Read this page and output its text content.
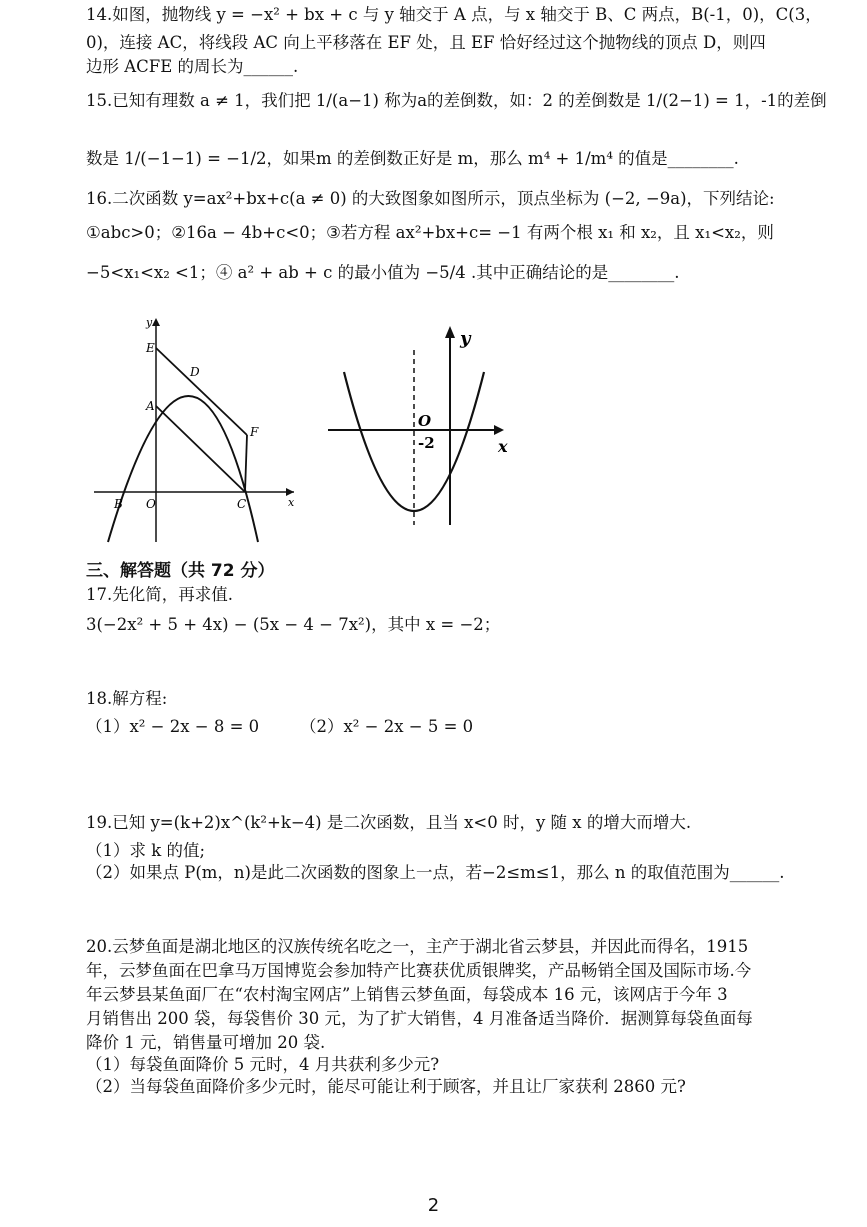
14.如图，抛物线 y = −x² + bx + c 与 y 轴交于 A 点，与 x 轴交于 B、C 两点，B(-1，0)，C(3，
0)，连接 AC，将线段 AC 向上平移落在 EF 处，且 EF 恰好经过这个抛物线的顶点 D，则四
边形 ACFE 的周长为______.
15.已知有理数 a ≠ 1，我们把 1/(a−1) 称为a的差倒数，如：2 的差倒数是 1/(2−1) = 1，-1的差倒
数是 1/(−1−1) = −1/2，如果m 的差倒数正好是 m，那么 m⁴ + 1/m⁴ 的值是________.
16.二次函数 y=ax²+bx+c(a ≠ 0) 的大致图象如图所示，顶点坐标为 (−2, −9a)，下列结论:
①abc>0；②16a − 4b+c<0；③若方程 ax²+bx+c= −1 有两个根 x₁ 和 x₂，且 x₁<x₂，则
−5<x₁<x₂ <1；④ a² + ab + c 的最小值为 −5/4 .其中正确结论的是________.
y
x
E
D
A
F
B O	C
y
x
O
-2
三、解答题（共 72 分）
17.先化简，再求值.
3(−2x² + 5 + 4x) − (5x − 4 − 7x²)，其中 x = −2；
18.解方程:
（1）x² − 2x − 8 = 0 （2）x² − 2x − 5 = 0
19.已知 y=(k+2)x^(k²+k−4) 是二次函数，且当 x<0 时，y 随 x 的增大而增大.
（1）求 k 的值;
（2）如果点 P(m，n)是此二次函数的图象上一点，若−2≤m≤1，那么 n 的取值范围为______.
20.云梦鱼面是湖北地区的汉族传统名吃之一，主产于湖北省云梦县，并因此而得名，1915
年，云梦鱼面在巴拿马万国博览会参加特产比赛获优质银牌奖，产品畅销全国及国际市场.今
年云梦县某鱼面厂在“农村淘宝网店”上销售云梦鱼面，每袋成本 16 元，该网店于今年 3
月销售出 200 袋，每袋售价 30 元，为了扩大销售，4 月准备适当降价．据测算每袋鱼面每
降价 1 元，销售量可增加 20 袋.
（1）每袋鱼面降价 5 元时，4 月共获利多少元?
（2）当每袋鱼面降价多少元时，能尽可能让利于顾客，并且让厂家获利 2860 元?
2
